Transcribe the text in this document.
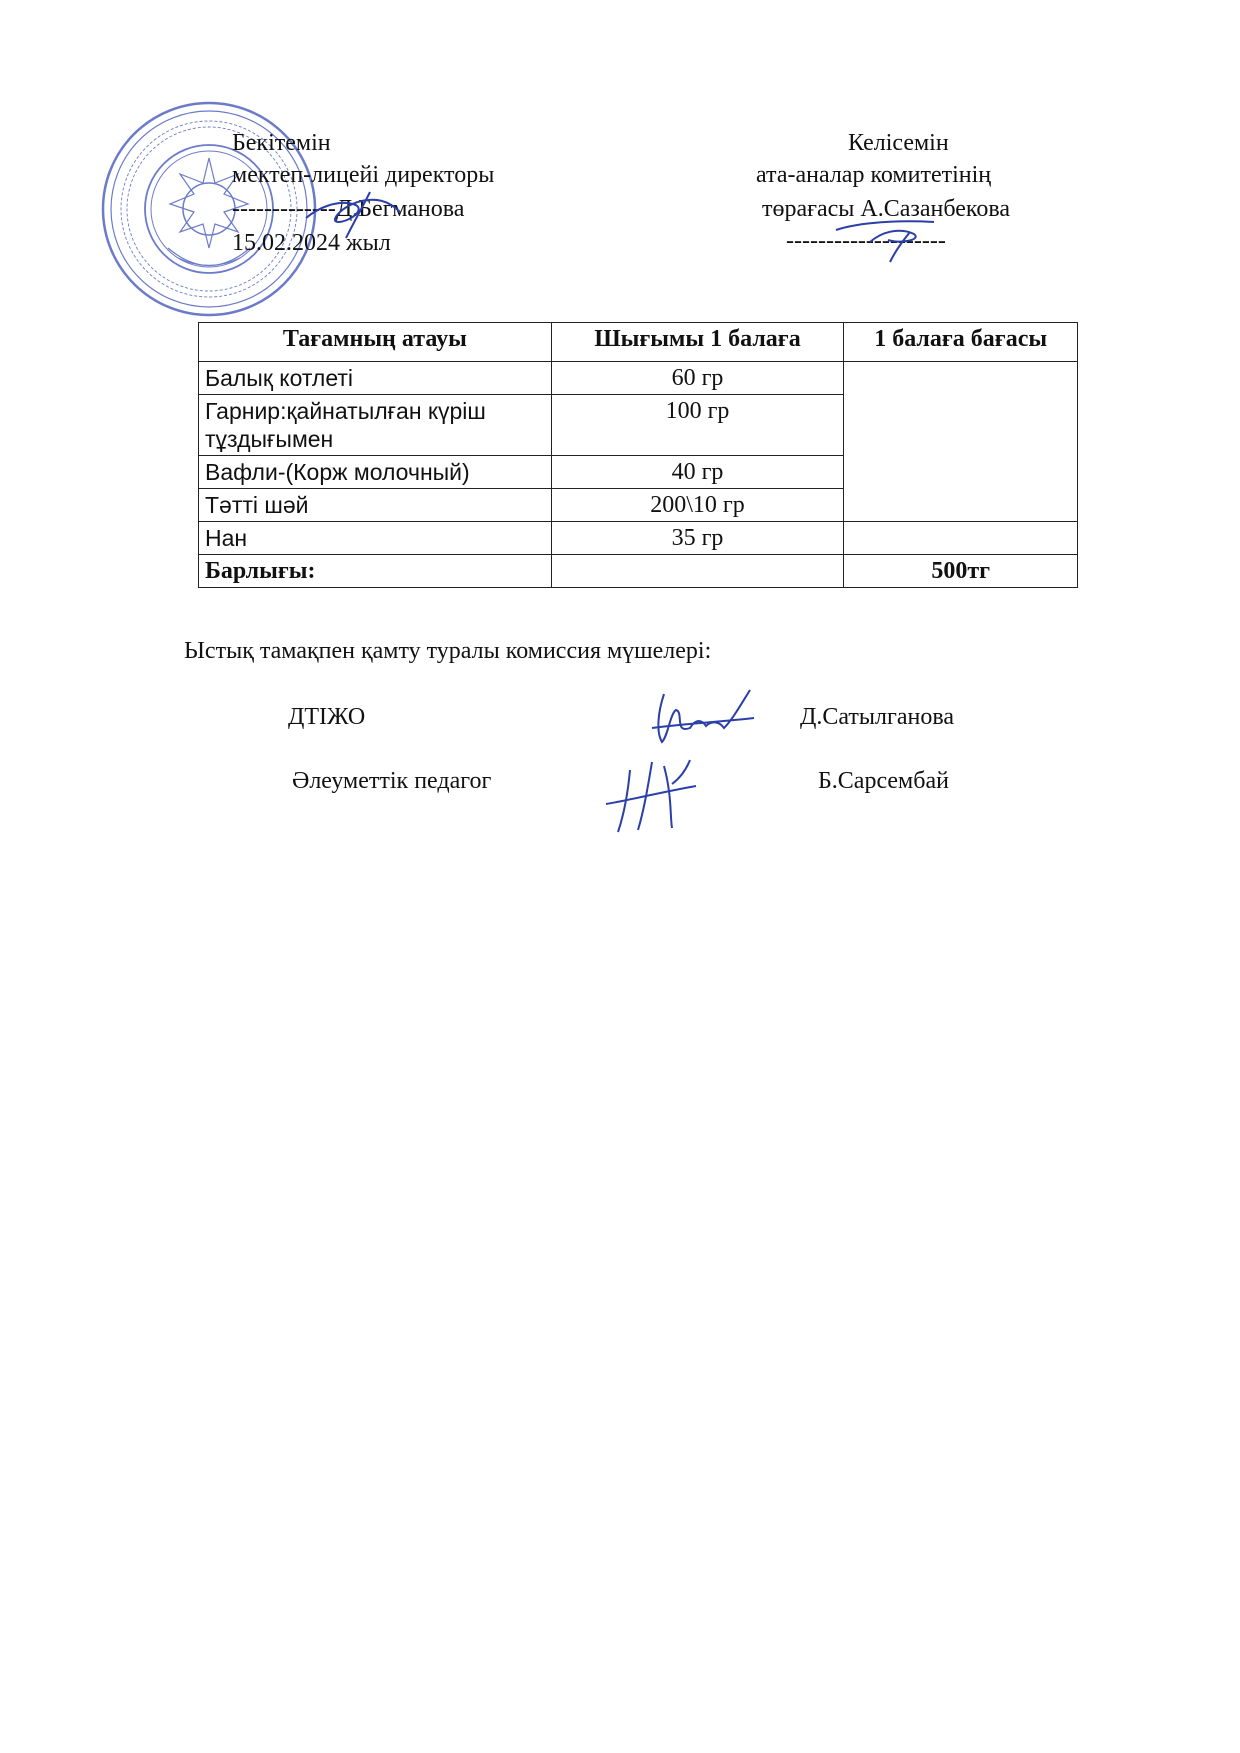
Бекітемін
мектеп-лицейі директоры
-------------Д.Бегманова
15.02.2024 жыл
Келісемін
ата-аналар комитетінің
төрағасы А.Сазанбекова
--------------------
Тағамның атауы	Шығымы 1 балаға	1 балаға бағасы
Балық котлеті	60 гр	
Гарнир:қайнатылған күріш тұздығымен	100 гр	
Вафли-(Корж молочный)	40 гр	
Тәтті шәй	200\10 гр	
Нан	35 гр	
Барлығы:		500тг
Ыстық тамақпен қамту туралы комиссия мүшелері:
ДТІЖО	Д.Сатылганова
Әлеуметтік педагог	Б.Сарсембай
